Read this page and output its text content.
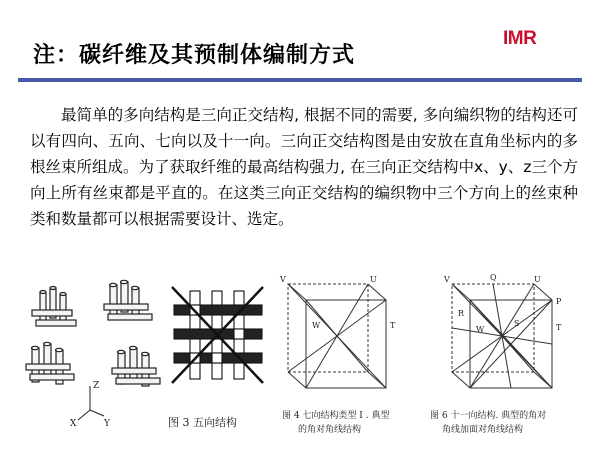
注：碳纤维及其预制体编制方式
IMR
最简单的多向结构是三向正交结构, 根据不同的需要, 多向编织物的结构还可以有四向、五向、七向以及十一向。三向正交结构图是由安放在直角坐标内的多根丝束所组成。为了获取纤维的最高结构强力, 在三向正交结构中x、y、z三个方向上所有丝束都是平直的。在这类三向正交结构的编织物中三个方向上的丝束种类和数量都可以根据需要设计、选定。
Z
X	Y	图 3 五向结构
V	U
W	T
图 4 七向结构类型 Ⅰ . 典型
的角对角线结构
V	Q	U
P
R
W
S	T
图 6 十一向结构. 典型的角对
角线加面对角线结构
